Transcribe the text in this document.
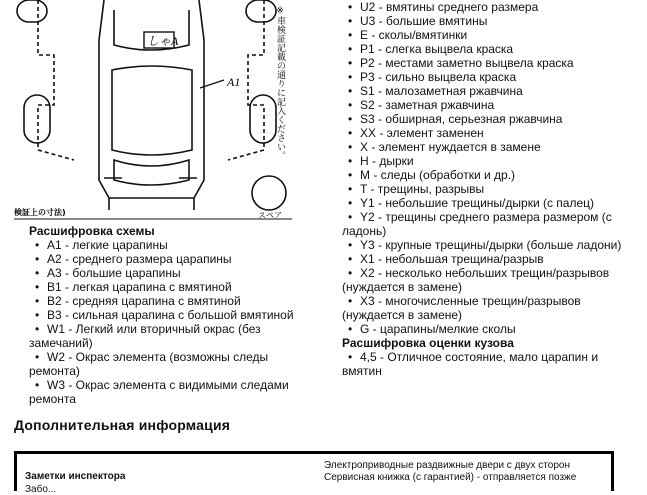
しゃA
A1	※車検証記載の通りに記入ください。
検証上の寸法)	スペア
Расшифровка схемы
• A1 - легкие царапины
• A2 - среднего размера царапины
• A3 - большие царапины
• B1 - легкая царапина с вмятиной
• B2 - средняя царапина с вмятиной
• B3 - сильная царапина с большой вмятиной
• W1 - Легкий или вторичный окрас (без замечаний)
• W2 - Окрас элемента (возможны следы ремонта)
• W3 - Окрас элемента с видимыми следами ремонта
• U2 - вмятины среднего размера
• U3 - большие вмятины
• E - сколы/вмятинки
• P1 - слегка выцвела краска
• P2 - местами заметно выцвела краска
• P3 - сильно выцвела краска
• S1 - малозаметная ржавчина
• S2 - заметная ржавчина
• S3 - обширная, серьезная ржавчина
• XX - элемент заменен
• X - элемент нуждается в замене
• H - дырки
• M - следы (обработки и др.)
• T - трещины, разрывы
• Y1 - небольшие трещины/дырки (с палец)
• Y2 - трещины среднего размера размером (с ладонь)
• Y3 - крупные трещины/дырки (больше ладони)
• X1 - небольшая трещина/разрыв
• X2 - несколько небольших трещин/разрывов (нуждается в замене)
• X3 - многочисленные трещин/разрывов (нуждается в замене)
• G - царапины/мелкие сколы
Расшифровка оценки кузова
• 4,5 - Отличное состояние, мало царапин и вмятин
Дополнительная информация
Заметки инспектора
Забо...
Электроприводные раздвижные двери с двух сторон
Сервисная книжка (с гарантией) - отправляется позже
